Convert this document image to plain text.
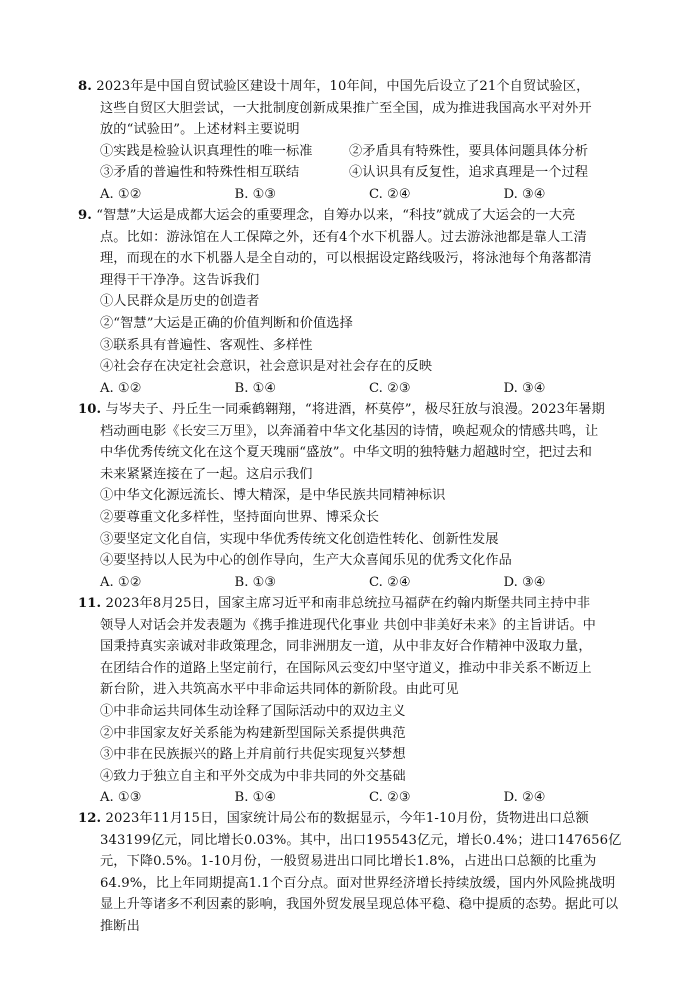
8. 2023年是中国自贸试验区建设十周年，10年间，中国先后设立了21个自贸试验区，
这些自贸区大胆尝试，一大批制度创新成果推广至全国，成为推进我国高水平对外开
放的“试验田”。上述材料主要说明
①实践是检验认识真理性的唯一标准	②矛盾具有特殊性，要具体问题具体分析
③矛盾的普遍性和特殊性相互联结	④认识具有反复性，追求真理是一个过程
A. ①②	B. ①③	C. ②④	D. ③④
9. “智慧”大运是成都大运会的重要理念，自筹办以来，“科技”就成了大运会的一大亮
点。比如：游泳馆在人工保障之外，还有4个水下机器人。过去游泳池都是靠人工清
理，而现在的水下机器人是全自动的，可以根据设定路线吸污，将泳池每个角落都清
理得干干净净。这告诉我们
①人民群众是历史的创造者
②“智慧”大运是正确的价值判断和价值选择
③联系具有普遍性、客观性、多样性
④社会存在决定社会意识，社会意识是对社会存在的反映
A. ①②	B. ①④	C. ②③	D. ③④
10. 与岑夫子、丹丘生一同乘鹤翱翔，“将进酒，杯莫停”，极尽狂放与浪漫。2023年暑期
档动画电影《长安三万里》，以奔涌着中华文化基因的诗情，唤起观众的情感共鸣，让
中华优秀传统文化在这个夏天瑰丽“盛放”。中华文明的独特魅力超越时空，把过去和
未来紧紧连接在了一起。这启示我们
①中华文化源远流长、博大精深，是中华民族共同精神标识
②要尊重文化多样性，坚持面向世界、博采众长
③要坚定文化自信，实现中华优秀传统文化创造性转化、创新性发展
④要坚持以人民为中心的创作导向，生产大众喜闻乐见的优秀文化作品
A. ①②	B. ①③	C. ②④	D. ③④
11. 2023年8月25日，国家主席习近平和南非总统拉马福萨在约翰内斯堡共同主持中非
领导人对话会并发表题为《携手推进现代化事业 共创中非美好未来》的主旨讲话。中
国秉持真实亲诚对非政策理念，同非洲朋友一道，从中非友好合作精神中汲取力量，
在团结合作的道路上坚定前行，在国际风云变幻中坚守道义，推动中非关系不断迈上
新台阶，进入共筑高水平中非命运共同体的新阶段。由此可见
①中非命运共同体生动诠释了国际活动中的双边主义
②中非国家友好关系能为构建新型国际关系提供典范
③中非在民族振兴的路上并肩前行共促实现复兴梦想
④致力于独立自主和平外交成为中非共同的外交基础
A. ①③	B. ①④	C. ②③	D. ②④
12. 2023年11月15日，国家统计局公布的数据显示，今年1-10月份，货物进出口总额
343199亿元，同比增长0.03%。其中，出口195543亿元，增长0.4%；进口147656亿
元，下降0.5%。1-10月份，一般贸易进出口同比增长1.8%，占进出口总额的比重为
64.9%，比上年同期提高1.1个百分点。面对世界经济增长持续放缓，国内外风险挑战明
显上升等诸多不利因素的影响，我国外贸发展呈现总体平稳、稳中提质的态势。据此可以
推断出
